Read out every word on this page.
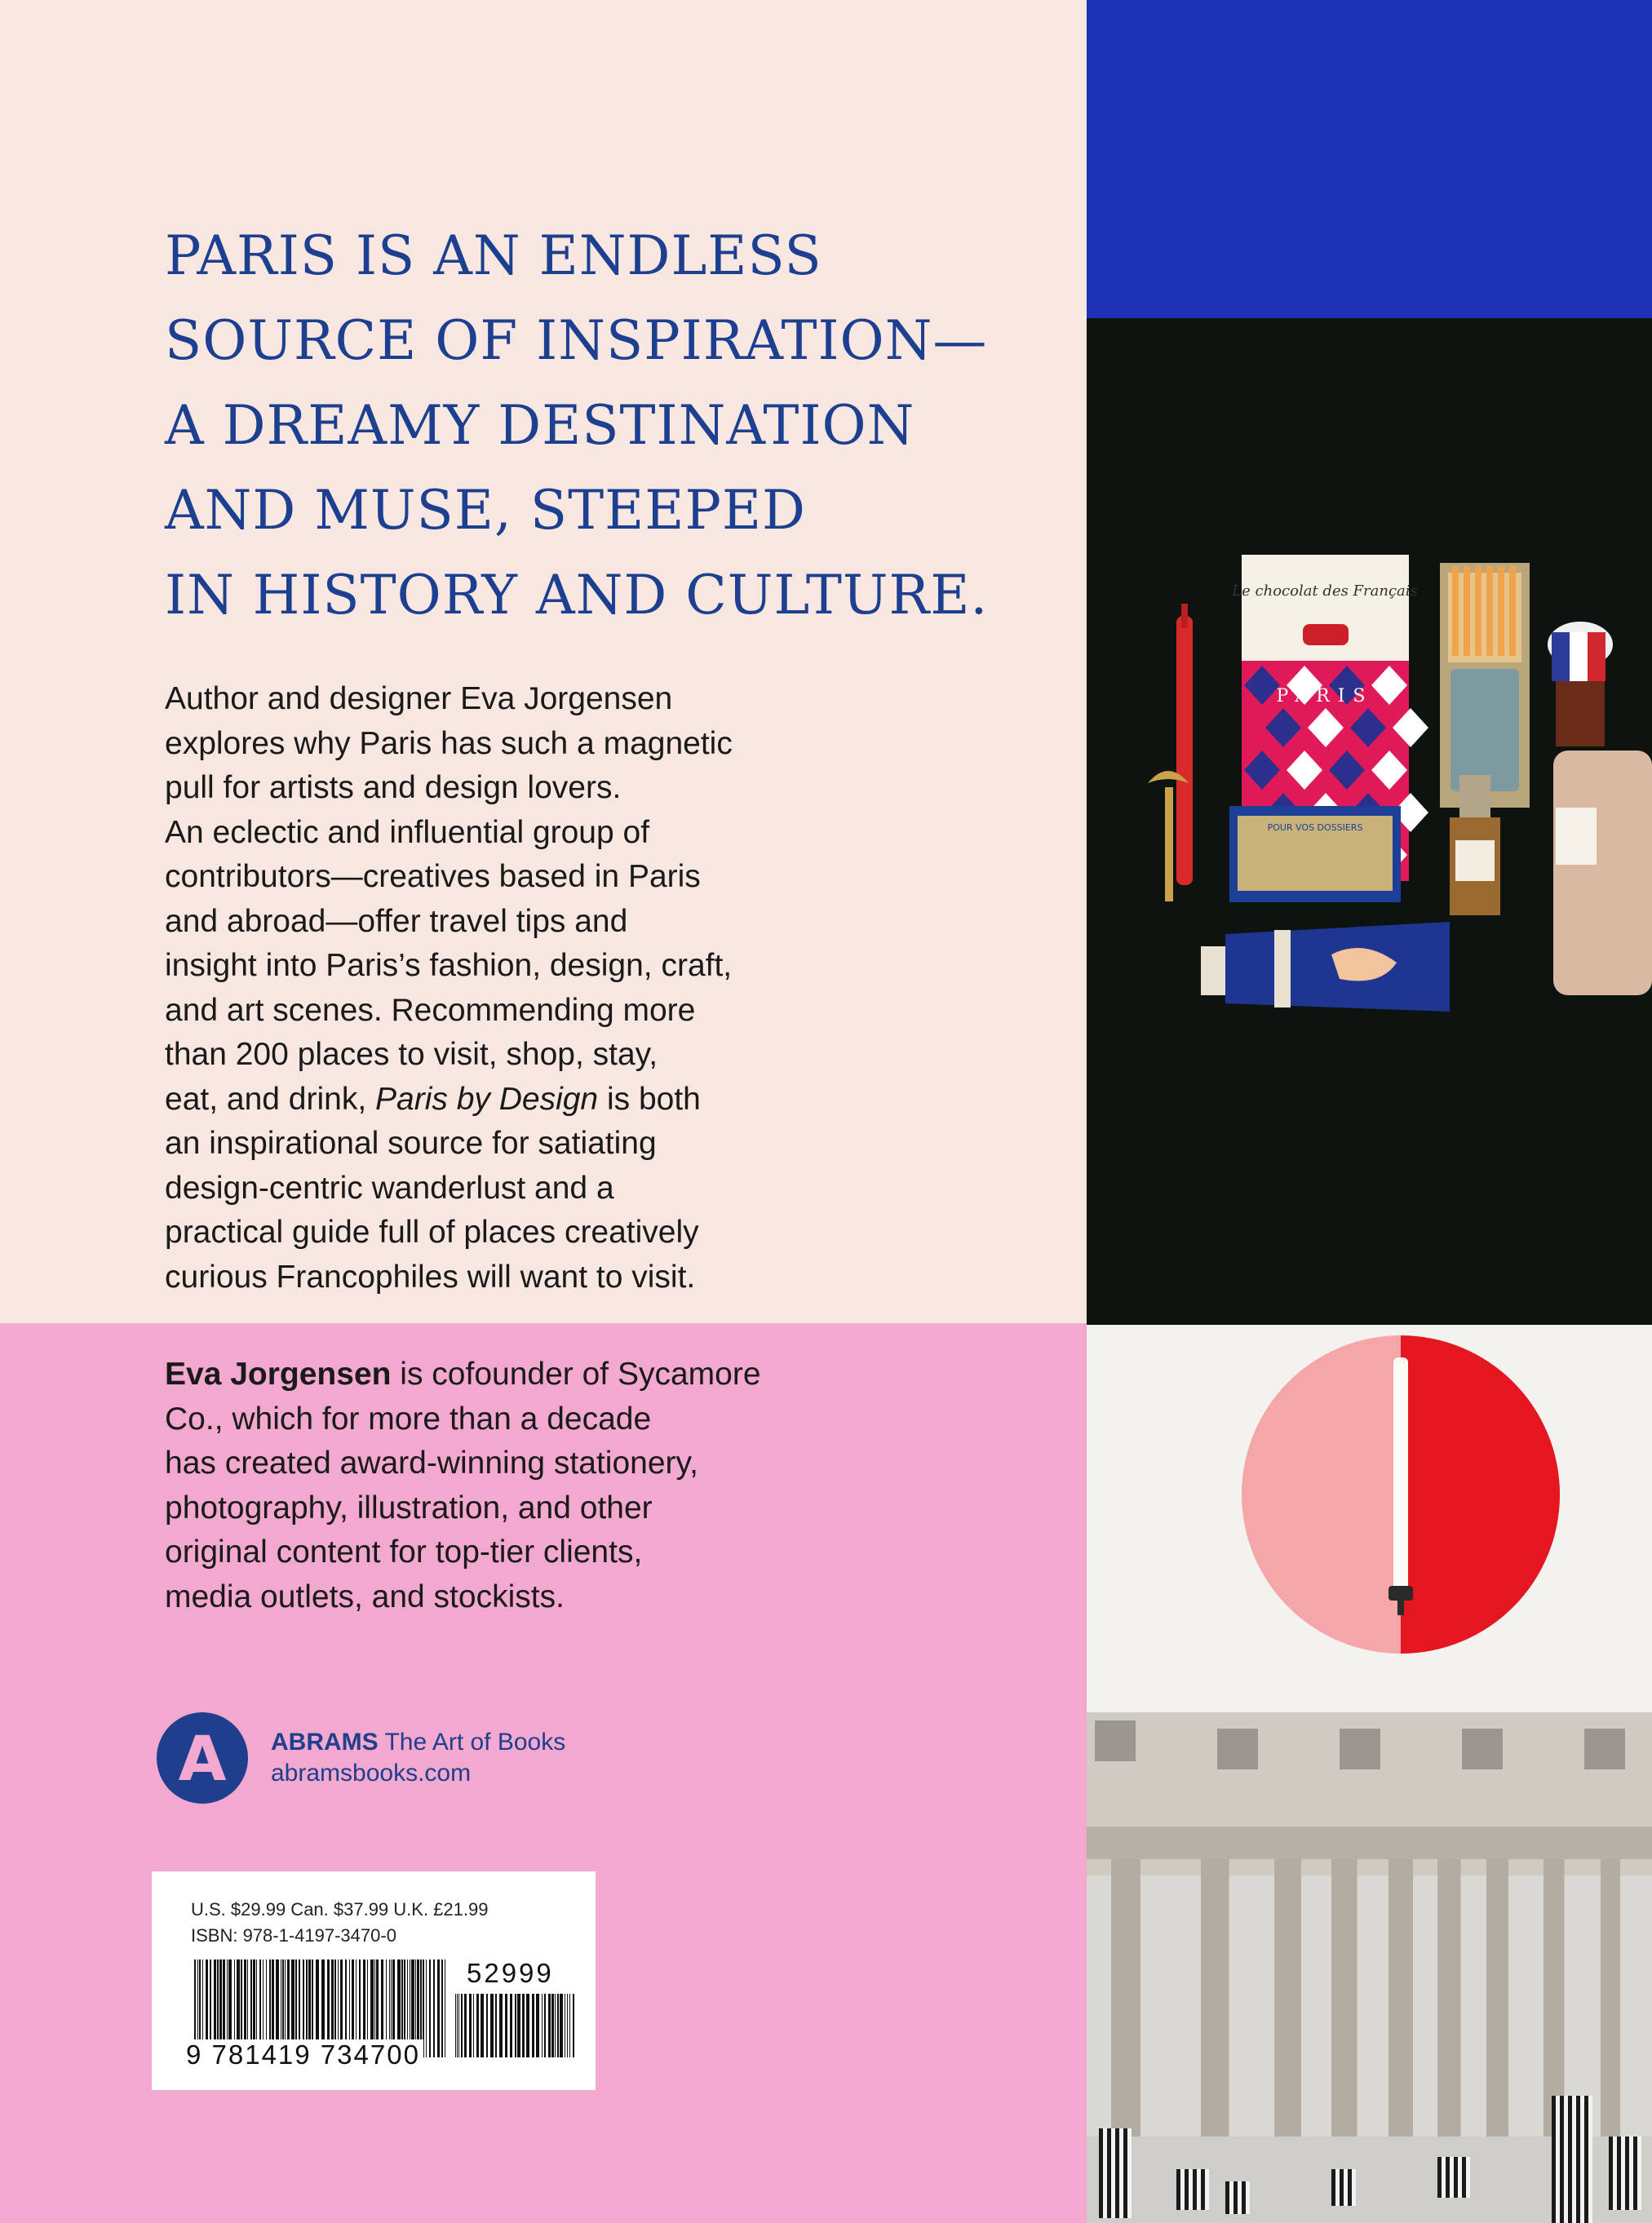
PARIS IS AN ENDLESS
SOURCE OF INSPIRATION—
A DREAMY DESTINATION
AND MUSE, STEEPED
IN HISTORY AND CULTURE.

Author and designer Eva Jorgensen
explores why Paris has such a magnetic
pull for artists and design lovers.
An eclectic and influential group of
contributors—creatives based in Paris
and abroad—offer travel tips and
insight into Paris’s fashion, design, craft,
and art scenes. Recommending more
than 200 places to visit, shop, stay,
eat, and drink, Paris by Design is both
an inspirational source for satiating
design-centric wanderlust and a
practical guide full of places creatively
curious Francophiles will want to visit.

Eva Jorgensen is cofounder of Sycamore
Co., which for more than a decade
has created award-winning stationery,
photography, illustration, and other
original content for top-tier clients,
media outlets, and stockists.

A	ABRAMS The Art of Books
abramsbooks.com
U.S. $29.99 Can. $37.99 U.K. £21.99
ISBN: 978-1-4197-3470-0
52999
9 781419 734700
Le chocolat des Français
PARIS
POUR VOS DOSSIERS
